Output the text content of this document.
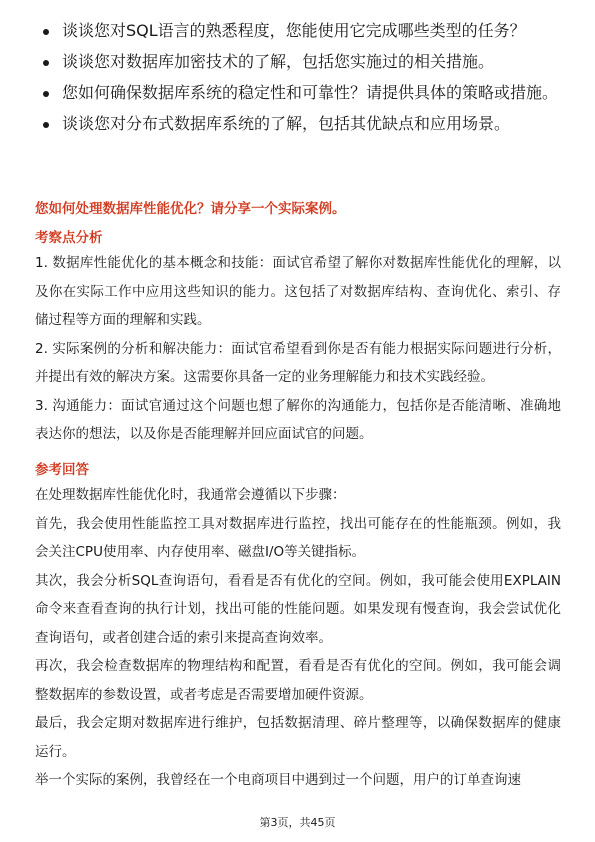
谈谈您对SQL语言的熟悉程度，您能使用它完成哪些类型的任务？
谈谈您对数据库加密技术的了解，包括您实施过的相关措施。
您如何确保数据库系统的稳定性和可靠性？请提供具体的策略或措施。
谈谈您对分布式数据库系统的了解，包括其优缺点和应用场景。
您如何处理数据库性能优化？请分享一个实际案例。
考察点分析

1. 数据库性能优化的基本概念和技能：面试官希望了解你对数据库性能优化的理解，以及你在实际工作中应用这些知识的能力。这包括了对数据库结构、查询优化、索引、存储过程等方面的理解和实践。

2. 实际案例的分析和解决能力：面试官希望看到你是否有能力根据实际问题进行分析，并提出有效的解决方案。这需要你具备一定的业务理解能力和技术实践经验。

3. 沟通能力：面试官通过这个问题也想了解你的沟通能力，包括你是否能清晰、准确地表达你的想法，以及你是否能理解并回应面试官的问题。

参考回答

在处理数据库性能优化时，我通常会遵循以下步骤：

首先，我会使用性能监控工具对数据库进行监控，找出可能存在的性能瓶颈。例如，我会关注CPU使用率、内存使用率、磁盘I/O等关键指标。

其次，我会分析SQL查询语句，看看是否有优化的空间。例如，我可能会使用EXPLAIN命令来查看查询的执行计划，找出可能的性能问题。如果发现有慢查询，我会尝试优化查询语句，或者创建合适的索引来提高查询效率。

再次，我会检查数据库的物理结构和配置，看看是否有优化的空间。例如，我可能会调整数据库的参数设置，或者考虑是否需要增加硬件资源。

最后，我会定期对数据库进行维护，包括数据清理、碎片整理等，以确保数据库的健康运行。

举一个实际的案例，我曾经在一个电商项目中遇到过一个问题，用户的订单查询速

第3页，共45页
